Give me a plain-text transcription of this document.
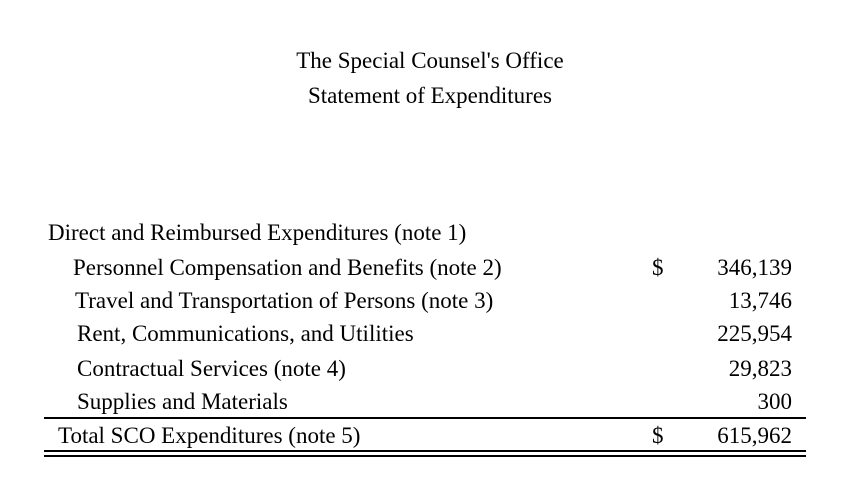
The Special Counsel's Office
Statement of Expenditures
Direct and Reimbursed Expenditures (note 1)
Personnel Compensation and Benefits (note 2)	$ 346,139
Travel and Transportation of Persons (note 3)	13,746
Rent, Communications, and Utilities	225,954
Contractual Services (note 4)	29,823
Supplies and Materials	300
Total SCO Expenditures (note 5)	$ 615,962
